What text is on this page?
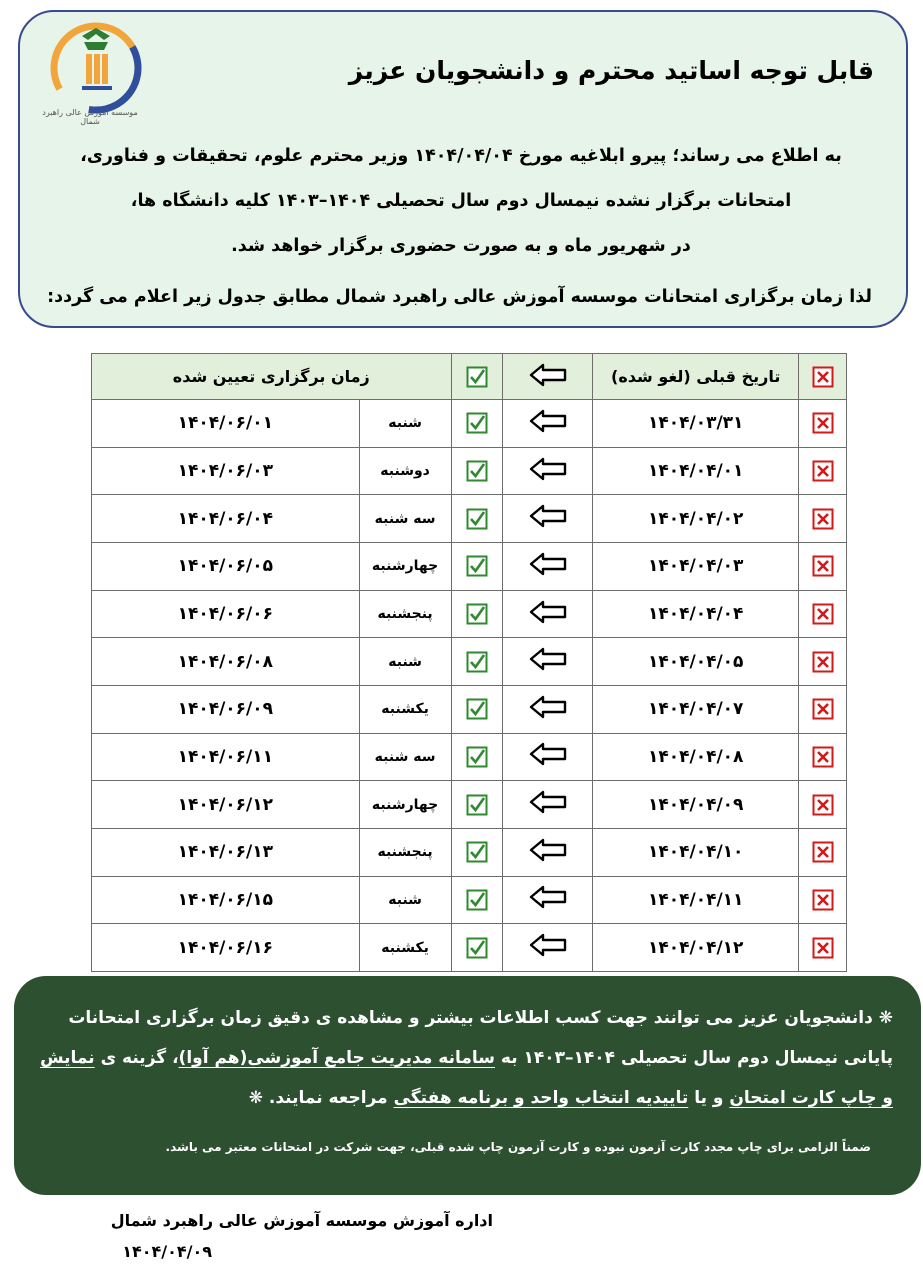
موسسه آموزش عالی راهبرد شمال
قابل توجه اساتید محترم و دانشجویان عزیز
به اطلاع می رساند؛ پیرو ابلاغیه مورخ ۱۴۰۴/۰۴/۰۴ وزیر محترم علوم، تحقیقات و فناوری،
امتحانات برگزار نشده نیمسال دوم سال تحصیلی ۱۴۰۴–۱۴۰۳ کلیه دانشگاه ها،
در شهریور ماه و به صورت حضوری برگزار خواهد شد.
لذا زمان برگزاری امتحانات موسسه آموزش عالی راهبرد شمال مطابق جدول زیر اعلام می گردد:
	تاریخ قبلی (لغو شده)			زمان برگزاری تعیین شده	
	۱۴۰۴/۰۳/۳۱			شنبه	۱۴۰۴/۰۶/۰۱
	۱۴۰۴/۰۴/۰۱			دوشنبه	۱۴۰۴/۰۶/۰۳
	۱۴۰۴/۰۴/۰۲			سه شنبه	۱۴۰۴/۰۶/۰۴
	۱۴۰۴/۰۴/۰۳			چهارشنبه	۱۴۰۴/۰۶/۰۵
	۱۴۰۴/۰۴/۰۴			پنجشنبه	۱۴۰۴/۰۶/۰۶
	۱۴۰۴/۰۴/۰۵			شنبه	۱۴۰۴/۰۶/۰۸
	۱۴۰۴/۰۴/۰۷			یکشنبه	۱۴۰۴/۰۶/۰۹
	۱۴۰۴/۰۴/۰۸			سه شنبه	۱۴۰۴/۰۶/۱۱
	۱۴۰۴/۰۴/۰۹			چهارشنبه	۱۴۰۴/۰۶/۱۲
	۱۴۰۴/۰۴/۱۰			پنجشنبه	۱۴۰۴/۰۶/۱۳
	۱۴۰۴/۰۴/۱۱			شنبه	۱۴۰۴/۰۶/۱۵
	۱۴۰۴/۰۴/۱۲			یکشنبه	۱۴۰۴/۰۶/۱۶
❋ دانشجویان عزیز می توانند جهت کسب اطلاعات بیشتر و مشاهده ی دقیق زمان برگزاری امتحانات پایانی نیمسال دوم سال تحصیلی ۱۴۰۴–۱۴۰۳ به سامانه مدیریت جامع آموزشی(هم آوا)، گزینه ی نمایش و چاپ کارت امتحان و یا تاییدیه انتخاب واحد و برنامه هفتگی مراجعه نمایند. ❋
ضمناً الزامی برای چاپ مجدد کارت آزمون نبوده و کارت آزمون چاپ شده قبلی، جهت شرکت در امتحانات معتبر می باشد.
اداره آموزش موسسه آموزش عالی راهبرد شمال
۱۴۰۴/۰۴/۰۹
